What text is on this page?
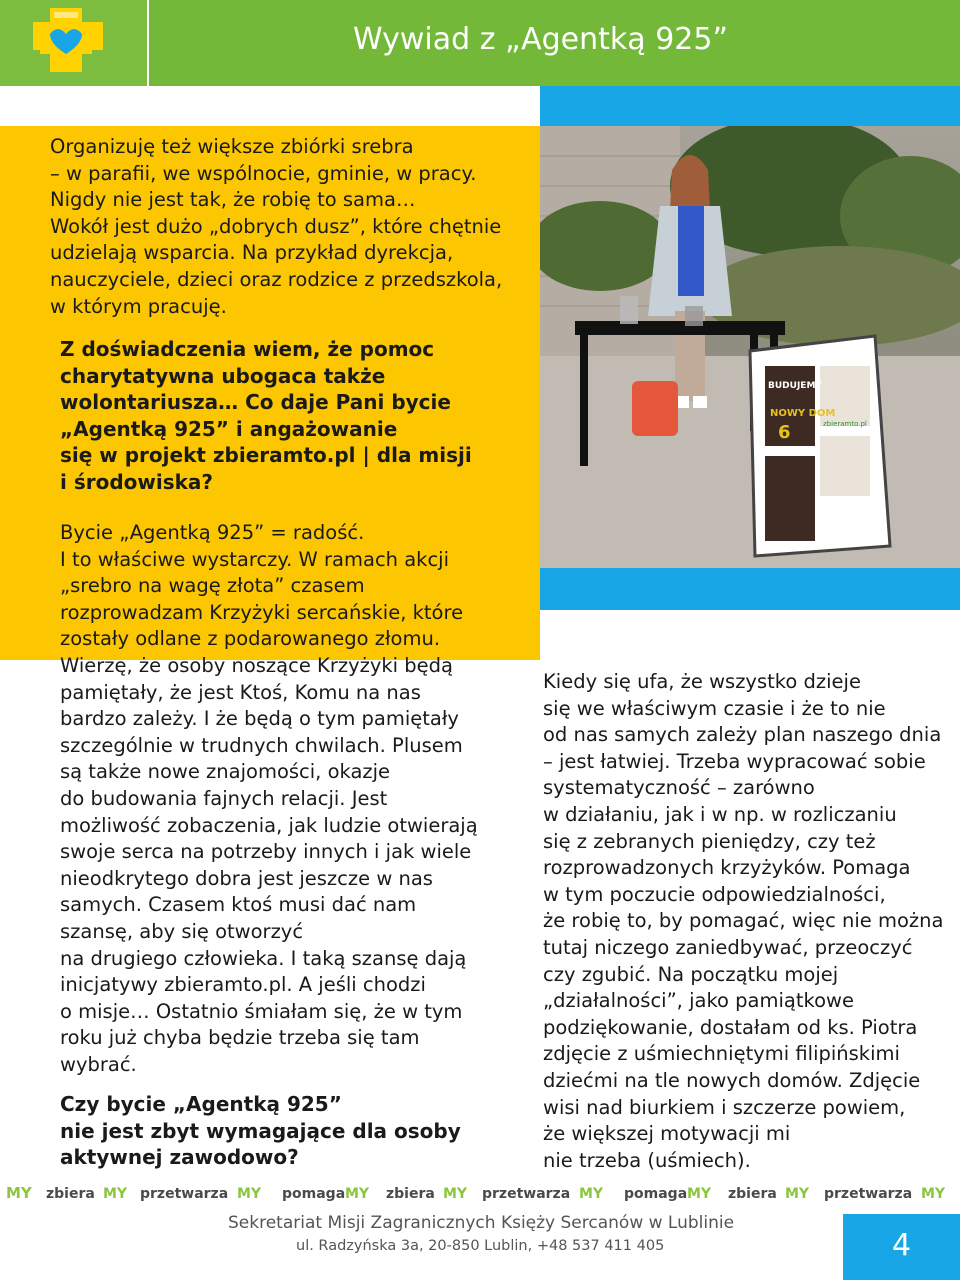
Wywiad z „Agentką 925”
BUDUJEMY
NOWY DOM
6	zbieramto.pl
Organizuję też większe zbiórki srebra
– w parafii, we wspólnocie, gminie, w pracy.
Nigdy nie jest tak, że robię to sama…
Wokół jest dużo „dobrych dusz”, które chętnie
udzielają wsparcia. Na przykład dyrekcja,
nauczyciele, dzieci oraz rodzice z przedszkola,
w którym pracuję.
Z doświadczenia wiem, że pomoc
charytatywna ubogaca także
wolontariusza… Co daje Pani bycie
„Agentką 925” i angażowanie
się w projekt zbieramto.pl | dla misji
i środowiska?
Bycie „Agentką 925” = radość.
I to właściwe wystarczy. W ramach akcji
„srebro na wagę złota” czasem
rozprowadzam Krzyżyki sercańskie, które
zostały odlane z podarowanego złomu.
Wierzę, że osoby noszące Krzyżyki będą
pamiętały, że jest Ktoś, Komu na nas
bardzo zależy. I że będą o tym pamiętały
szczególnie w trudnych chwilach. Plusem
są także nowe znajomości, okazje
do budowania fajnych relacji. Jest
możliwość zobaczenia, jak ludzie otwierają
swoje serca na potrzeby innych i jak wiele
nieodkrytego dobra jest jeszcze w nas
samych. Czasem ktoś musi dać nam
szansę, aby się otworzyć
na drugiego człowieka. I taką szansę dają
inicjatywy zbieramto.pl. A jeśli chodzi
o misje… Ostatnio śmiałam się, że w tym
roku już chyba będzie trzeba się tam
wybrać.
Czy bycie „Agentką 925”
nie jest zbyt wymagające dla osoby
aktywnej zawodowo?
Kiedy się ufa, że wszystko dzieje
się we właściwym czasie i że to nie
od nas samych zależy plan naszego dnia
– jest łatwiej. Trzeba wypracować sobie
systematyczność – zarówno
w działaniu, jak i w np. w rozliczaniu
się z zebranych pieniędzy, czy też
rozprowadzonych krzyżyków. Pomaga
w tym poczucie odpowiedzialności,
że robię to, by pomagać, więc nie można
tutaj niczego zaniedbywać, przeoczyć
czy zgubić. Na początku mojej
„działalności”, jako pamiątkowe
podziękowanie, dostałam od ks. Piotra
zdjęcie z uśmiechniętymi filipińskimi
dziećmi na tle nowych domów. Zdjęcie
wisi nad biurkiem i szczerze powiem,
że większej motywacji mi
nie trzeba (uśmiech).
MY zbiera MY przetwarza MY pomaga MY zbiera MY przetwarza MY pomaga MY zbiera MY przetwarza MY
Sekretariat Misji Zagranicznych Księży Sercanów w Lublinie
ul. Radzyńska 3a, 20-850 Lublin, +48 537 411 405	4
